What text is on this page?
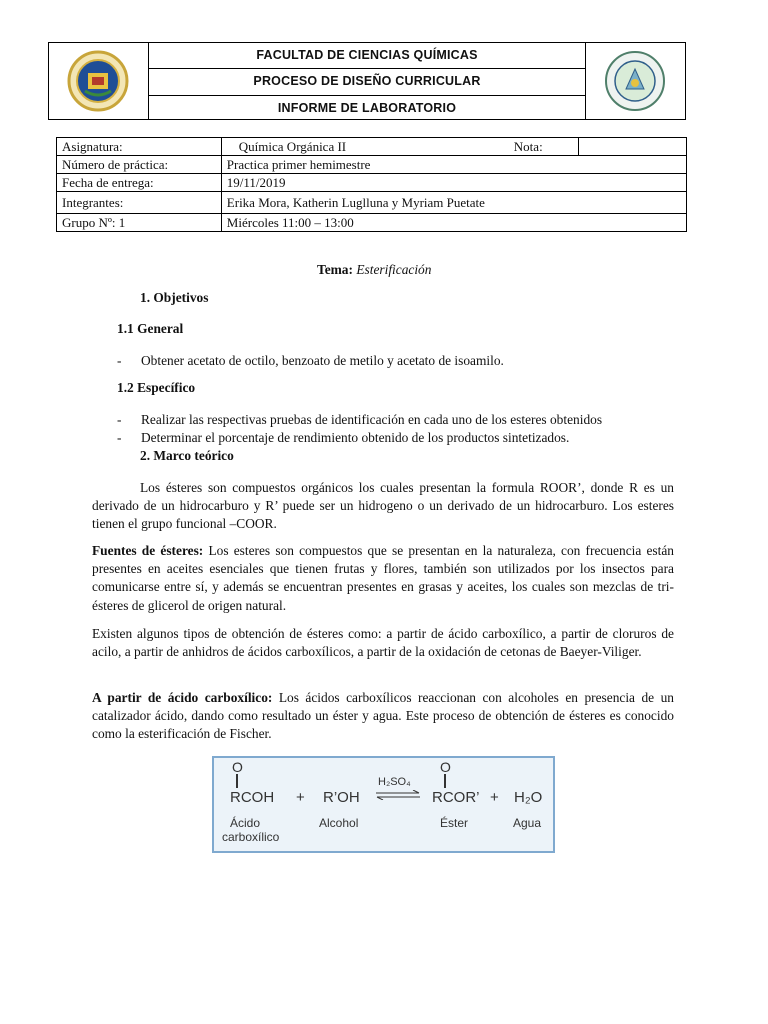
FACULTAD DE CIENCIAS QUÍMICAS
PROCESO DE DISEÑO CURRICULAR
INFORME DE LABORATORIO
Asignatura:	Química Orgánica II Nota:	

Número de práctica:	Practica primer hemimestre	
Fecha de entrega:	19/11/2019	
Integrantes:	Erika Mora, Katherin Luglluna y Myriam Puetate	
Grupo Nº: 1	Miércoles 11:00 – 13:00	
Tema: Esterificación
1. Objetivos
1.1 General
- Obtener acetato de octilo, benzoato de metilo y acetato de isoamilo.
1.2 Específico
- Realizar las respectivas pruebas de identificación en cada uno de los esteres obtenidos
- Determinar el porcentaje de rendimiento obtenido de los productos sintetizados.
2. Marco teórico

Los ésteres son compuestos orgánicos los cuales presentan la formula ROOR’, donde R es un derivado de un hidrocarburo y R’ puede ser un hidrogeno o un derivado de un hidrocarburo. Los esteres tienen el grupo funcional –COOR.

Fuentes de ésteres: Los esteres son compuestos que se presentan en la naturaleza, con frecuencia están presentes en aceites esenciales que tienen frutas y flores, también son utilizados por los insectos para comunicarse entre sí, y además se encuentran presentes en grasas y aceites, los cuales son mezclas de tri-ésteres de glicerol de origen natural.

Existen algunos tipos de obtención de ésteres como: a partir de ácido carboxílico, a partir de cloruros de acilo, a partir de anhidros de ácidos carboxílicos, a partir de la oxidación de cetonas de Baeyer-Viliger.

A partir de ácido carboxílico: Los ácidos carboxílicos reaccionan con alcoholes en presencia de un catalizador ácido, dando como resultado un éster y agua. Este proceso de obtención de ésteres es conocido como la esterificación de Fischer.

O
RCOH + R’OH
H₂SO₄
O
RCOR’ + H₂O
Ácido
carboxílico
Alcohol	Éster	Agua
